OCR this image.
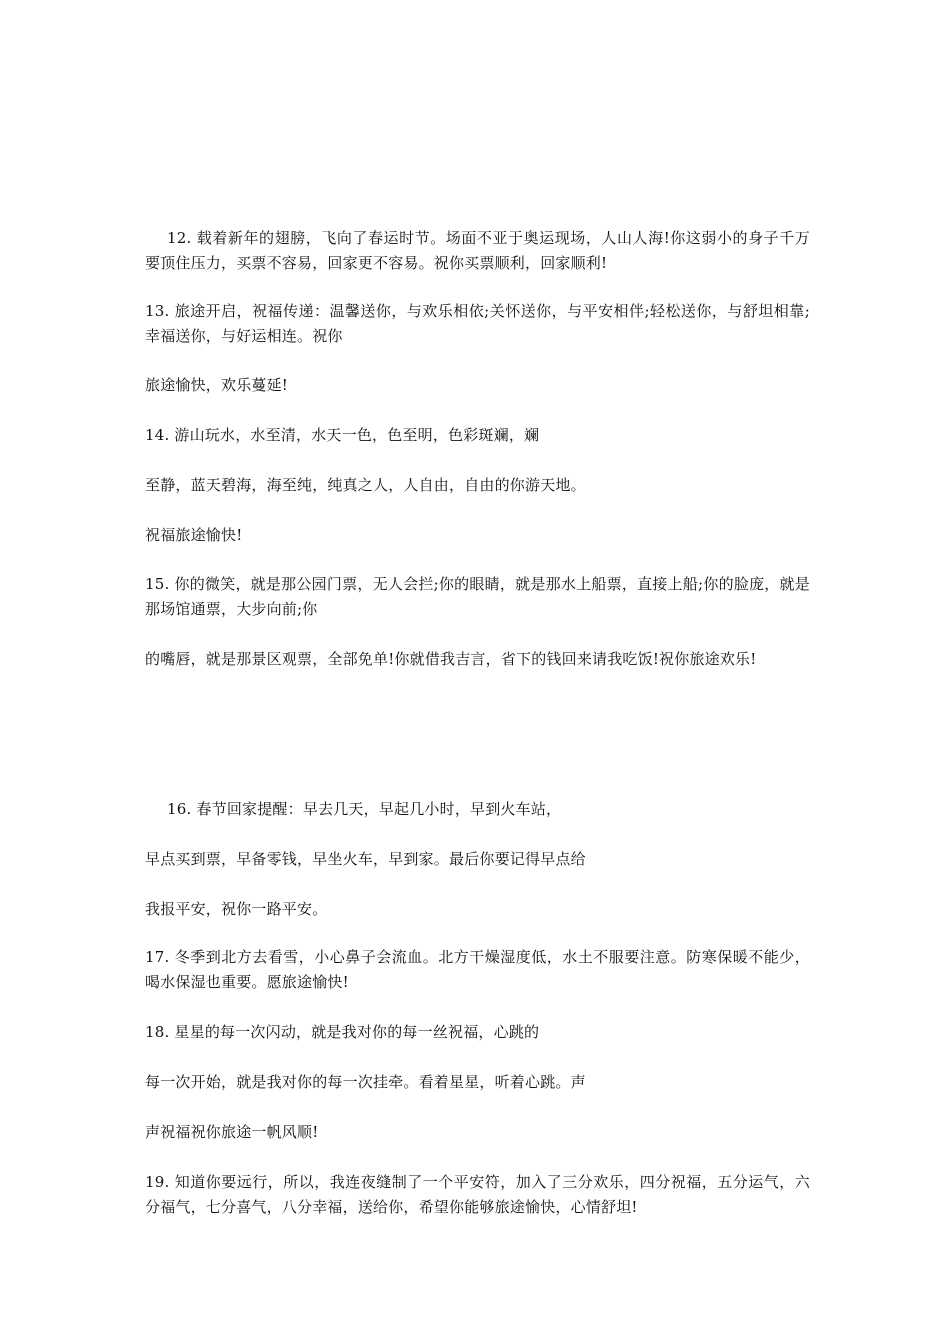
12. 载着新年的翅膀，飞向了春运时节。场面不亚于奥运现场，人山人海!你这弱小的身子千万要顶住压力，买票不容易，回家更不容易。祝你买票顺利，回家顺利!

13. 旅途开启，祝福传递：温馨送你，与欢乐相依;关怀送你，与平安相伴;轻松送你，与舒坦相靠;幸福送你，与好运相连。祝你

旅途愉快，欢乐蔓延!

14. 游山玩水，水至清，水天一色，色至明，色彩斑斓，斓

至静，蓝天碧海，海至纯，纯真之人，人自由，自由的你游天地。

祝福旅途愉快!

15. 你的微笑，就是那公园门票，无人会拦;你的眼睛，就是那水上船票，直接上船;你的脸庞，就是那场馆通票，大步向前;你

的嘴唇，就是那景区观票，全部免单!你就借我吉言，省下的钱回来请我吃饭!祝你旅途欢乐!

16. 春节回家提醒：早去几天，早起几小时，早到火车站，

早点买到票，早备零钱，早坐火车，早到家。最后你要记得早点给

我报平安，祝你一路平安。

17. 冬季到北方去看雪，小心鼻子会流血。北方干燥湿度低，水土不服要注意。防寒保暖不能少，喝水保湿也重要。愿旅途愉快!

18. 星星的每一次闪动，就是我对你的每一丝祝福，心跳的

每一次开始，就是我对你的每一次挂牵。看着星星，听着心跳。声

声祝福祝你旅途一帆风顺!

19. 知道你要远行，所以，我连夜缝制了一个平安符，加入了三分欢乐，四分祝福，五分运气，六分福气，七分喜气，八分幸福，送给你，希望你能够旅途愉快，心情舒坦!
